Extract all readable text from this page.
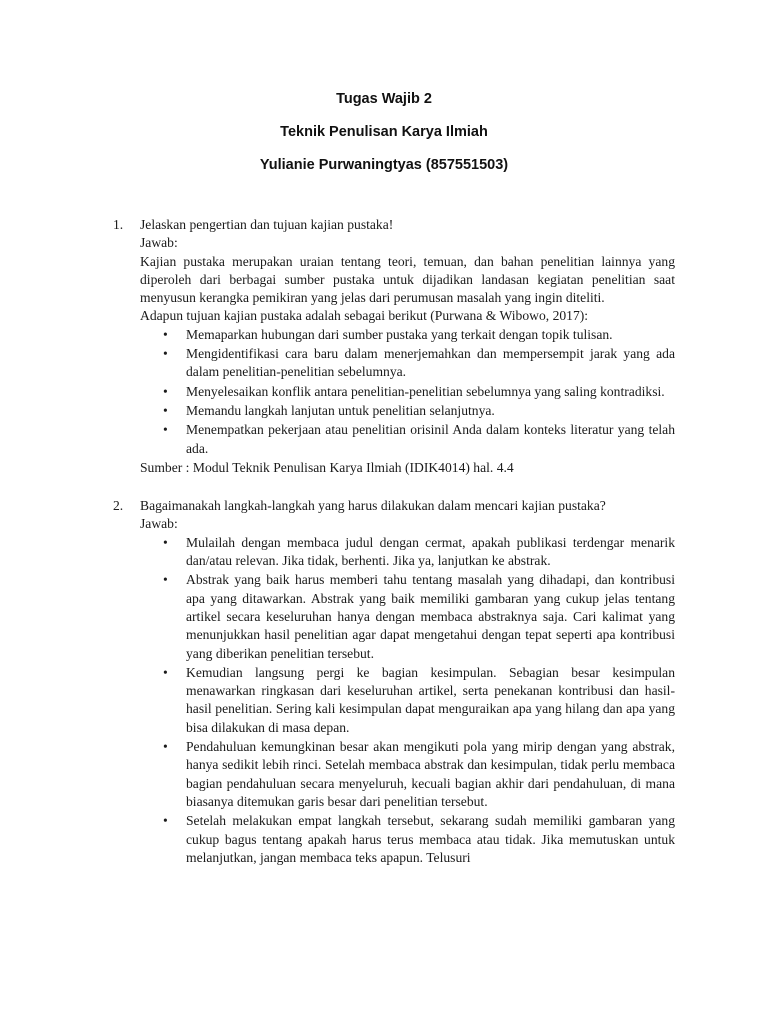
Tugas Wajib 2
Teknik Penulisan Karya Ilmiah
Yulianie Purwaningtyas (857551503)
1. Jelaskan pengertian dan tujuan kajian pustaka!
Jawab:
Kajian pustaka merupakan uraian tentang teori, temuan, dan bahan penelitian lainnya yang diperoleh dari berbagai sumber pustaka untuk dijadikan landasan kegiatan penelitian saat menyusun kerangka pemikiran yang jelas dari perumusan masalah yang ingin diteliti.
Adapun tujuan kajian pustaka adalah sebagai berikut (Purwana & Wibowo, 2017):
• Memaparkan hubungan dari sumber pustaka yang terkait dengan topik tulisan.
• Mengidentifikasi cara baru dalam menerjemahkan dan mempersempit jarak yang ada dalam penelitian-penelitian sebelumnya.
• Menyelesaikan konflik antara penelitian-penelitian sebelumnya yang saling kontradiksi.
• Memandu langkah lanjutan untuk penelitian selanjutnya.
• Menempatkan pekerjaan atau penelitian orisinil Anda dalam konteks literatur yang telah ada.
Sumber : Modul Teknik Penulisan Karya Ilmiah (IDIK4014) hal. 4.4
2. Bagaimanakah langkah-langkah yang harus dilakukan dalam mencari kajian pustaka?
Jawab:
• Mulailah dengan membaca judul dengan cermat, apakah publikasi terdengar menarik dan/atau relevan. Jika tidak, berhenti. Jika ya, lanjutkan ke abstrak.
• Abstrak yang baik harus memberi tahu tentang masalah yang dihadapi, dan kontribusi apa yang ditawarkan. Abstrak yang baik memiliki gambaran yang cukup jelas tentang artikel secara keseluruhan hanya dengan membaca abstraknya saja. Cari kalimat yang menunjukkan hasil penelitian agar dapat mengetahui dengan tepat seperti apa kontribusi yang diberikan penelitian tersebut.
• Kemudian langsung pergi ke bagian kesimpulan. Sebagian besar kesimpulan menawarkan ringkasan dari keseluruhan artikel, serta penekanan kontribusi dan hasil-hasil penelitian. Sering kali kesimpulan dapat menguraikan apa yang hilang dan apa yang bisa dilakukan di masa depan.
• Pendahuluan kemungkinan besar akan mengikuti pola yang mirip dengan yang abstrak, hanya sedikit lebih rinci. Setelah membaca abstrak dan kesimpulan, tidak perlu membaca bagian pendahuluan secara menyeluruh, kecuali bagian akhir dari pendahuluan, di mana biasanya ditemukan garis besar dari penelitian tersebut.
• Setelah melakukan empat langkah tersebut, sekarang sudah memiliki gambaran yang cukup bagus tentang apakah harus terus membaca atau tidak. Jika memutuskan untuk melanjutkan, jangan membaca teks apapun. Telusuri
